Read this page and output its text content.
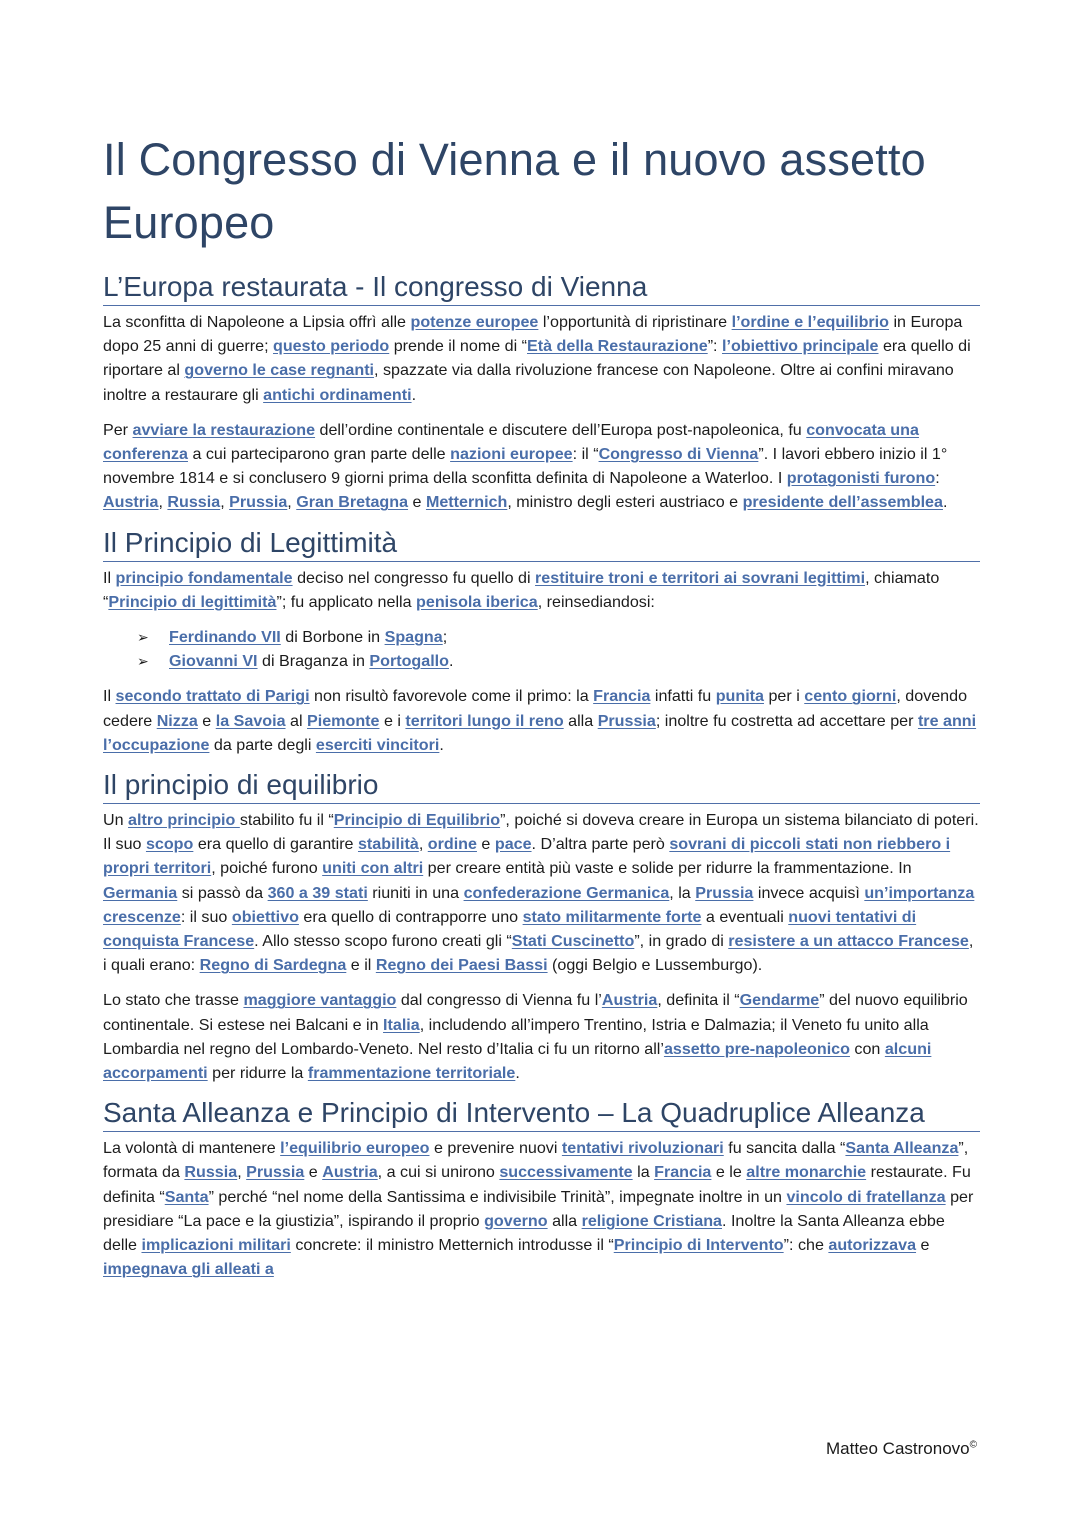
Il Congresso di Vienna e il nuovo assetto Europeo
L’Europa restaurata - Il congresso di Vienna

La sconfitta di Napoleone a Lipsia offrì alle potenze europee l’opportunità di ripristinare l’ordine e l’equilibrio in Europa dopo 25 anni di guerre; questo periodo prende il nome di “Età della Restaurazione”: l’obiettivo principale era quello di riportare al governo le case regnanti, spazzate via dalla rivoluzione francese con Napoleone. Oltre ai confini miravano inoltre a restaurare gli antichi ordinamenti.

Per avviare la restaurazione dell’ordine continentale e discutere dell’Europa post-napoleonica, fu convocata una conferenza a cui parteciparono gran parte delle nazioni europee: il “Congresso di Vienna”. I lavori ebbero inizio il 1° novembre 1814 e si conclusero 9 giorni prima della sconfitta definita di Napoleone a Waterloo. I protagonisti furono: Austria, Russia, Prussia, Gran Bretagna e Metternich, ministro degli esteri austriaco e presidente dell’assemblea.

Il Principio di Legittimità

Il principio fondamentale deciso nel congresso fu quello di restituire troni e territori ai sovrani legittimi, chiamato “Principio di legittimità”; fu applicato nella penisola iberica, reinsediandosi:

➢ Ferdinando VII di Borbone in Spagna;
➢ Giovanni VI di Braganza in Portogallo.

Il secondo trattato di Parigi non risultò favorevole come il primo: la Francia infatti fu punita per i cento giorni, dovendo cedere Nizza e la Savoia al Piemonte e i territori lungo il reno alla Prussia; inoltre fu costretta ad accettare per tre anni l’occupazione da parte degli eserciti vincitori.

Il principio di equilibrio

Un altro principio stabilito fu il “Principio di Equilibrio”, poiché si doveva creare in Europa un sistema bilanciato di poteri. Il suo scopo era quello di garantire stabilità, ordine e pace. D’altra parte però sovrani di piccoli stati non riebbero i propri territori, poiché furono uniti con altri per creare entità più vaste e solide per ridurre la frammentazione. In Germania si passò da 360 a 39 stati riuniti in una confederazione Germanica, la Prussia invece acquisì un’importanza crescenze: il suo obiettivo era quello di contrapporre uno stato militarmente forte a eventuali nuovi tentativi di conquista Francese. Allo stesso scopo furono creati gli “Stati Cuscinetto”, in grado di resistere a un attacco Francese, i quali erano: Regno di Sardegna e il Regno dei Paesi Bassi (oggi Belgio e Lussemburgo).

Lo stato che trasse maggiore vantaggio dal congresso di Vienna fu l’Austria, definita il “Gendarme” del nuovo equilibrio continentale. Si estese nei Balcani e in Italia, includendo all’impero Trentino, Istria e Dalmazia; il Veneto fu unito alla Lombardia nel regno del Lombardo-Veneto. Nel resto d’Italia ci fu un ritorno all’assetto pre-napoleonico con alcuni accorpamenti per ridurre la frammentazione territoriale.

Santa Alleanza e Principio di Intervento – La Quadruplice Alleanza

La volontà di mantenere l’equilibrio europeo e prevenire nuovi tentativi rivoluzionari fu sancita dalla “Santa Alleanza”, formata da Russia, Prussia e Austria, a cui si unirono successivamente la Francia e le altre monarchie restaurate. Fu definita “Santa” perché “nel nome della Santissima e indivisibile Trinità”, impegnate inoltre in un vincolo di fratellanza per presidiare “La pace e la giustizia”, ispirando il proprio governo alla religione Cristiana. Inoltre la Santa Alleanza ebbe delle implicazioni militari concrete: il ministro Metternich introdusse il “Principio di Intervento”: che autorizzava e impegnava gli alleati a

Matteo Castronovo©
